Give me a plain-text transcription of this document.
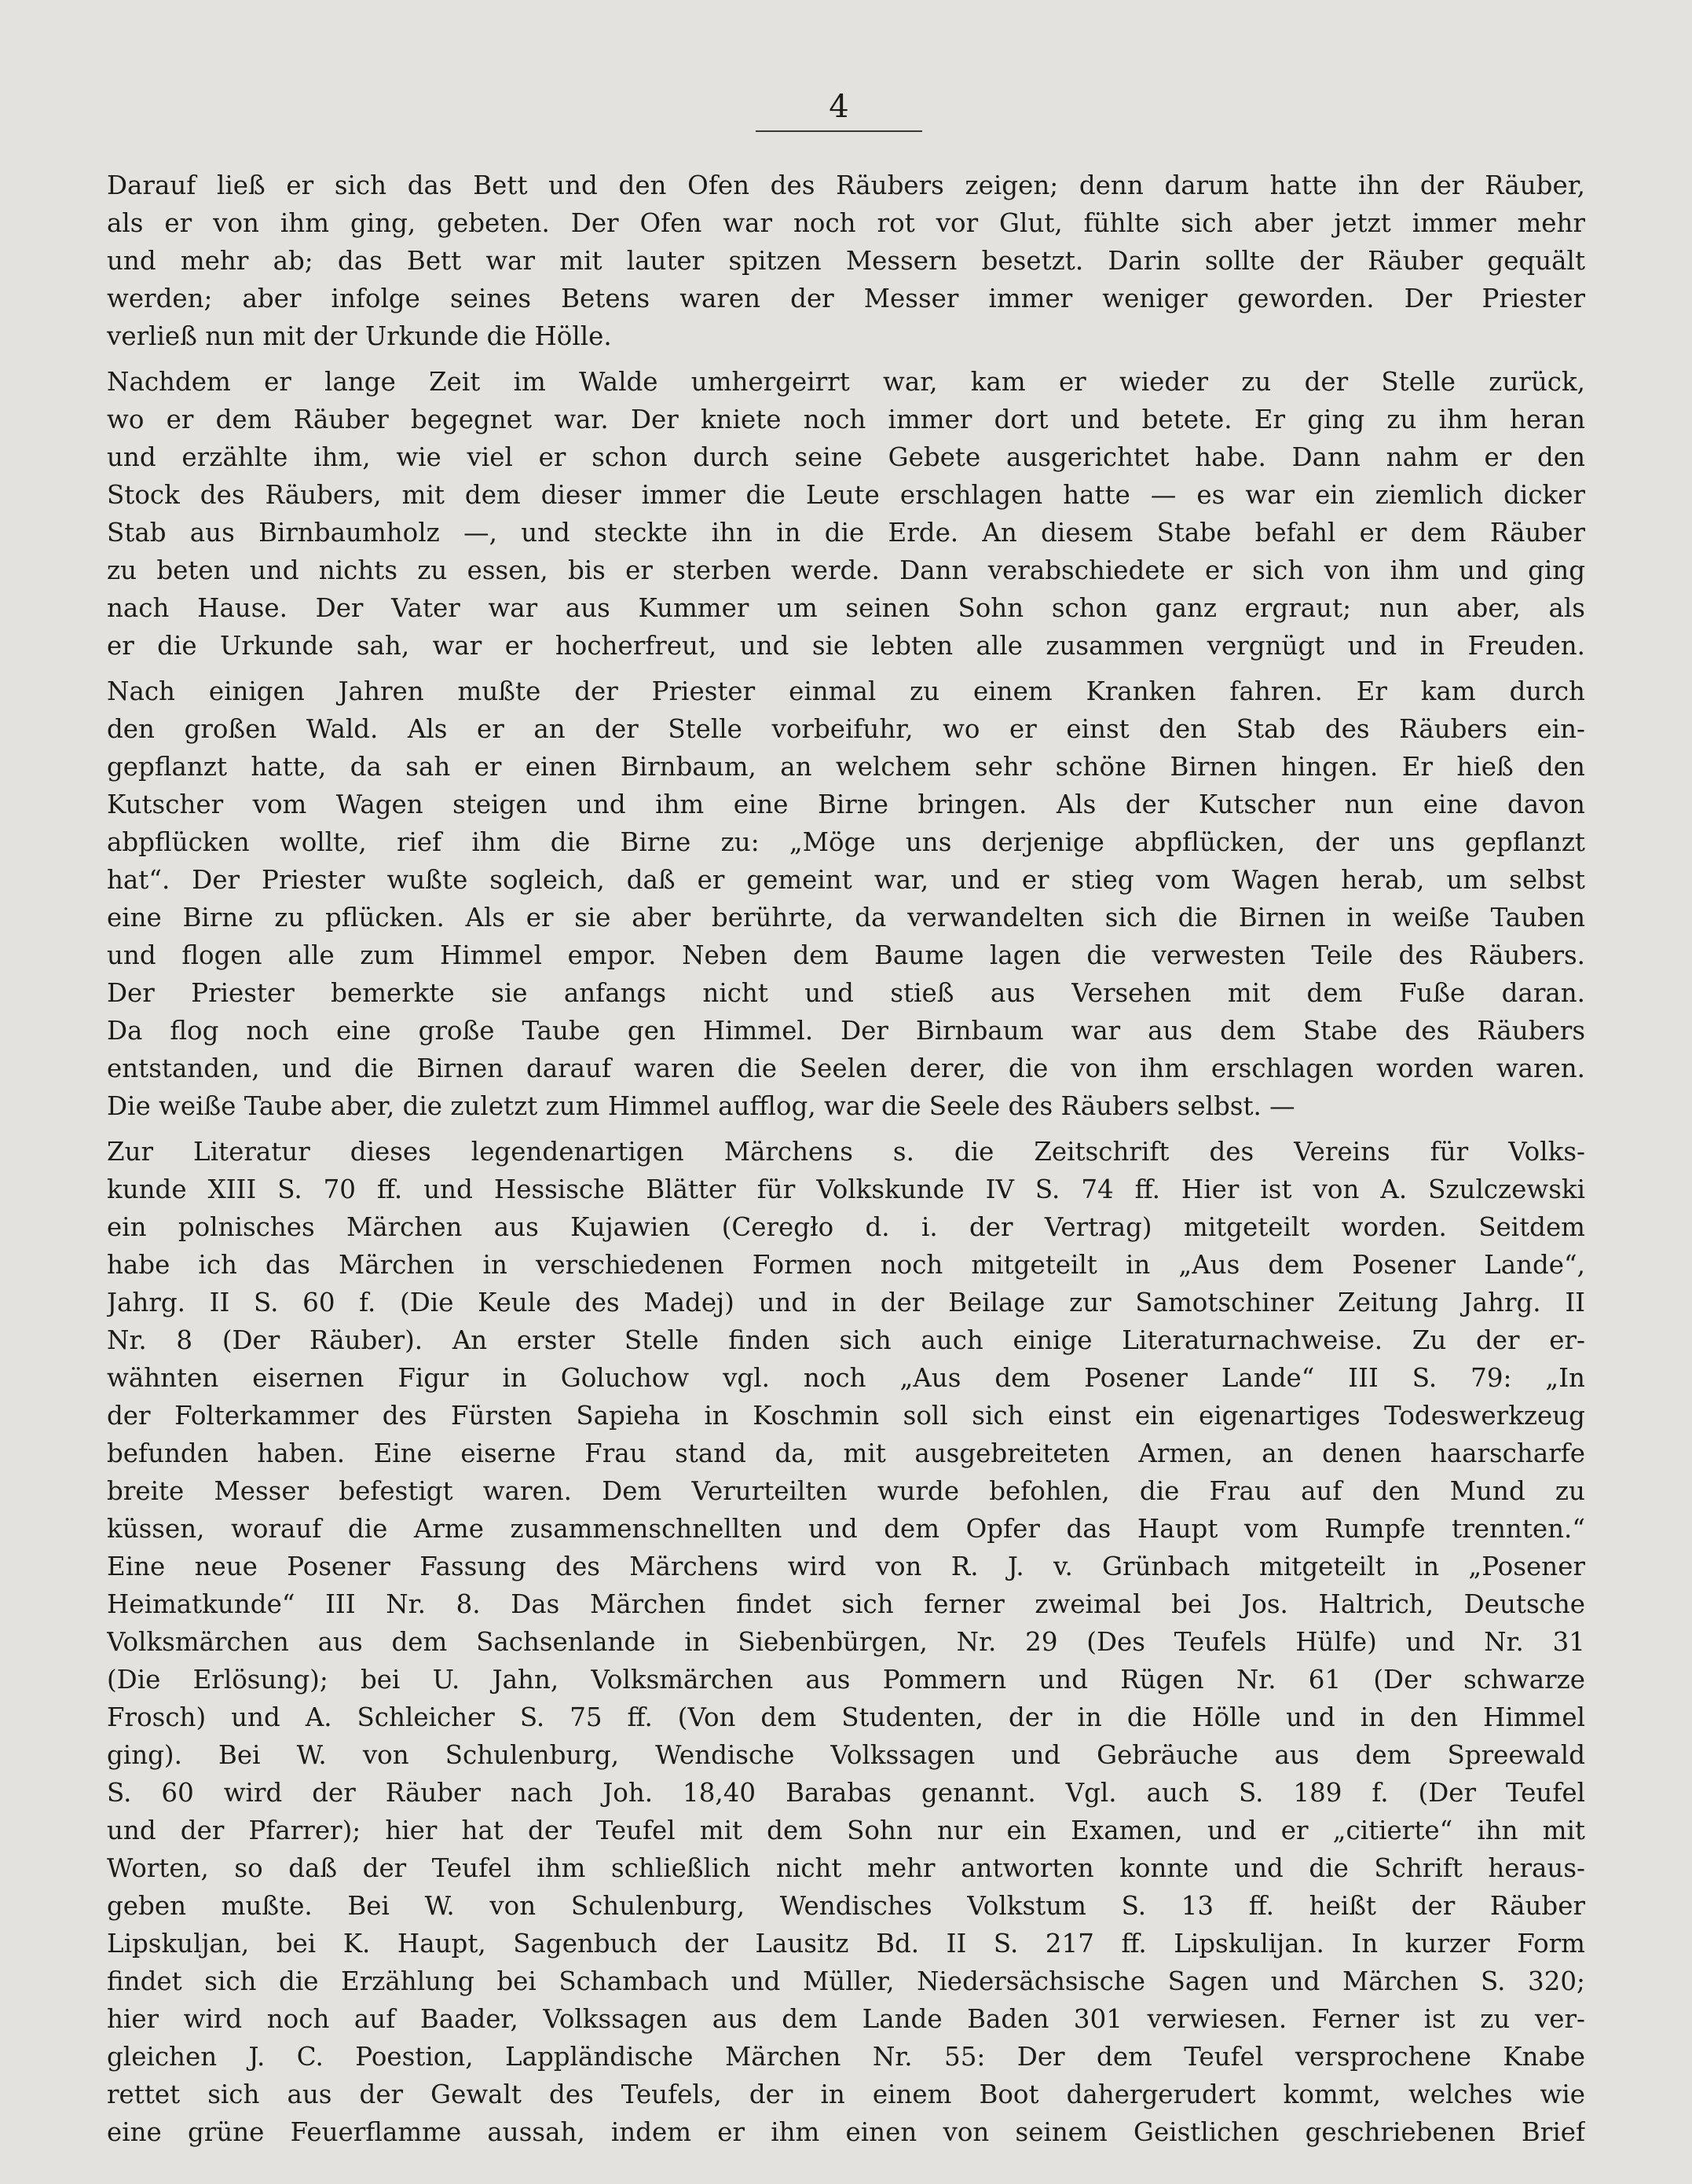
4
Darauf ließ er sich das Bett und den Ofen des Räubers zeigen; denn darum hatte ihn der Räuber,
als er von ihm ging, gebeten. Der Ofen war noch rot vor Glut, fühlte sich aber jetzt immer mehr
und mehr ab; das Bett war mit lauter spitzen Messern besetzt. Darin sollte der Räuber gequält
werden; aber infolge seines Betens waren der Messer immer weniger geworden. Der Priester
verließ nun mit der Urkunde die Hölle.
Nachdem er lange Zeit im Walde umhergeirrt war, kam er wieder zu der Stelle zurück,
wo er dem Räuber begegnet war. Der kniete noch immer dort und betete. Er ging zu ihm heran
und erzählte ihm, wie viel er schon durch seine Gebete ausgerichtet habe. Dann nahm er den
Stock des Räubers, mit dem dieser immer die Leute erschlagen hatte — es war ein ziemlich dicker
Stab aus Birnbaumholz —, und steckte ihn in die Erde. An diesem Stabe befahl er dem Räuber
zu beten und nichts zu essen, bis er sterben werde. Dann verabschiedete er sich von ihm und ging
nach Hause. Der Vater war aus Kummer um seinen Sohn schon ganz ergraut; nun aber, als
er die Urkunde sah, war er hocherfreut, und sie lebten alle zusammen vergnügt und in Freuden.
Nach einigen Jahren mußte der Priester einmal zu einem Kranken fahren. Er kam durch
den großen Wald. Als er an der Stelle vorbeifuhr, wo er einst den Stab des Räubers ein-
gepflanzt hatte, da sah er einen Birnbaum, an welchem sehr schöne Birnen hingen. Er hieß den
Kutscher vom Wagen steigen und ihm eine Birne bringen. Als der Kutscher nun eine davon
abpflücken wollte, rief ihm die Birne zu: „Möge uns derjenige abpflücken, der uns gepflanzt
hat“. Der Priester wußte sogleich, daß er gemeint war, und er stieg vom Wagen herab, um selbst
eine Birne zu pflücken. Als er sie aber berührte, da verwandelten sich die Birnen in weiße Tauben
und flogen alle zum Himmel empor. Neben dem Baume lagen die verwesten Teile des Räubers.
Der Priester bemerkte sie anfangs nicht und stieß aus Versehen mit dem Fuße daran.
Da flog noch eine große Taube gen Himmel. Der Birnbaum war aus dem Stabe des Räubers
entstanden, und die Birnen darauf waren die Seelen derer, die von ihm erschlagen worden waren.
Die weiße Taube aber, die zuletzt zum Himmel aufflog, war die Seele des Räubers selbst. —
Zur Literatur dieses legendenartigen Märchens s. die Zeitschrift des Vereins für Volks-
kunde XIII S. 70 ff. und Hessische Blätter für Volkskunde IV S. 74 ff. Hier ist von A. Szulczewski
ein polnisches Märchen aus Kujawien (Ceregło d. i. der Vertrag) mitgeteilt worden. Seitdem
habe ich das Märchen in verschiedenen Formen noch mitgeteilt in „Aus dem Posener Lande“,
Jahrg. II S. 60 f. (Die Keule des Madej) und in der Beilage zur Samotschiner Zeitung Jahrg. II
Nr. 8 (Der Räuber). An erster Stelle finden sich auch einige Literaturnachweise. Zu der er-
wähnten eisernen Figur in Goluchow vgl. noch „Aus dem Posener Lande“ III S. 79: „In
der Folterkammer des Fürsten Sapieha in Koschmin soll sich einst ein eigenartiges Todeswerkzeug
befunden haben. Eine eiserne Frau stand da, mit ausgebreiteten Armen, an denen haarscharfe
breite Messer befestigt waren. Dem Verurteilten wurde befohlen, die Frau auf den Mund zu
küssen, worauf die Arme zusammenschnellten und dem Opfer das Haupt vom Rumpfe trennten.“
Eine neue Posener Fassung des Märchens wird von R. J. v. Grünbach mitgeteilt in „Posener
Heimatkunde“ III Nr. 8. Das Märchen findet sich ferner zweimal bei Jos. Haltrich, Deutsche
Volksmärchen aus dem Sachsenlande in Siebenbürgen, Nr. 29 (Des Teufels Hülfe) und Nr. 31
(Die Erlösung); bei U. Jahn, Volksmärchen aus Pommern und Rügen Nr. 61 (Der schwarze
Frosch) und A. Schleicher S. 75 ff. (Von dem Studenten, der in die Hölle und in den Himmel
ging). Bei W. von Schulenburg, Wendische Volkssagen und Gebräuche aus dem Spreewald
S. 60 wird der Räuber nach Joh. 18,40 Barabas genannt. Vgl. auch S. 189 f. (Der Teufel
und der Pfarrer); hier hat der Teufel mit dem Sohn nur ein Examen, und er „citierte“ ihn mit
Worten, so daß der Teufel ihm schließlich nicht mehr antworten konnte und die Schrift heraus-
geben mußte. Bei W. von Schulenburg, Wendisches Volkstum S. 13 ff. heißt der Räuber
Lipskuljan, bei K. Haupt, Sagenbuch der Lausitz Bd. II S. 217 ff. Lipskulijan. In kurzer Form
findet sich die Erzählung bei Schambach und Müller, Niedersächsische Sagen und Märchen S. 320;
hier wird noch auf Baader, Volkssagen aus dem Lande Baden 301 verwiesen. Ferner ist zu ver-
gleichen J. C. Poestion, Lappländische Märchen Nr. 55: Der dem Teufel versprochene Knabe
rettet sich aus der Gewalt des Teufels, der in einem Boot dahergerudert kommt, welches wie
eine grüne Feuerflamme aussah, indem er ihm einen von seinem Geistlichen geschriebenen Brief
